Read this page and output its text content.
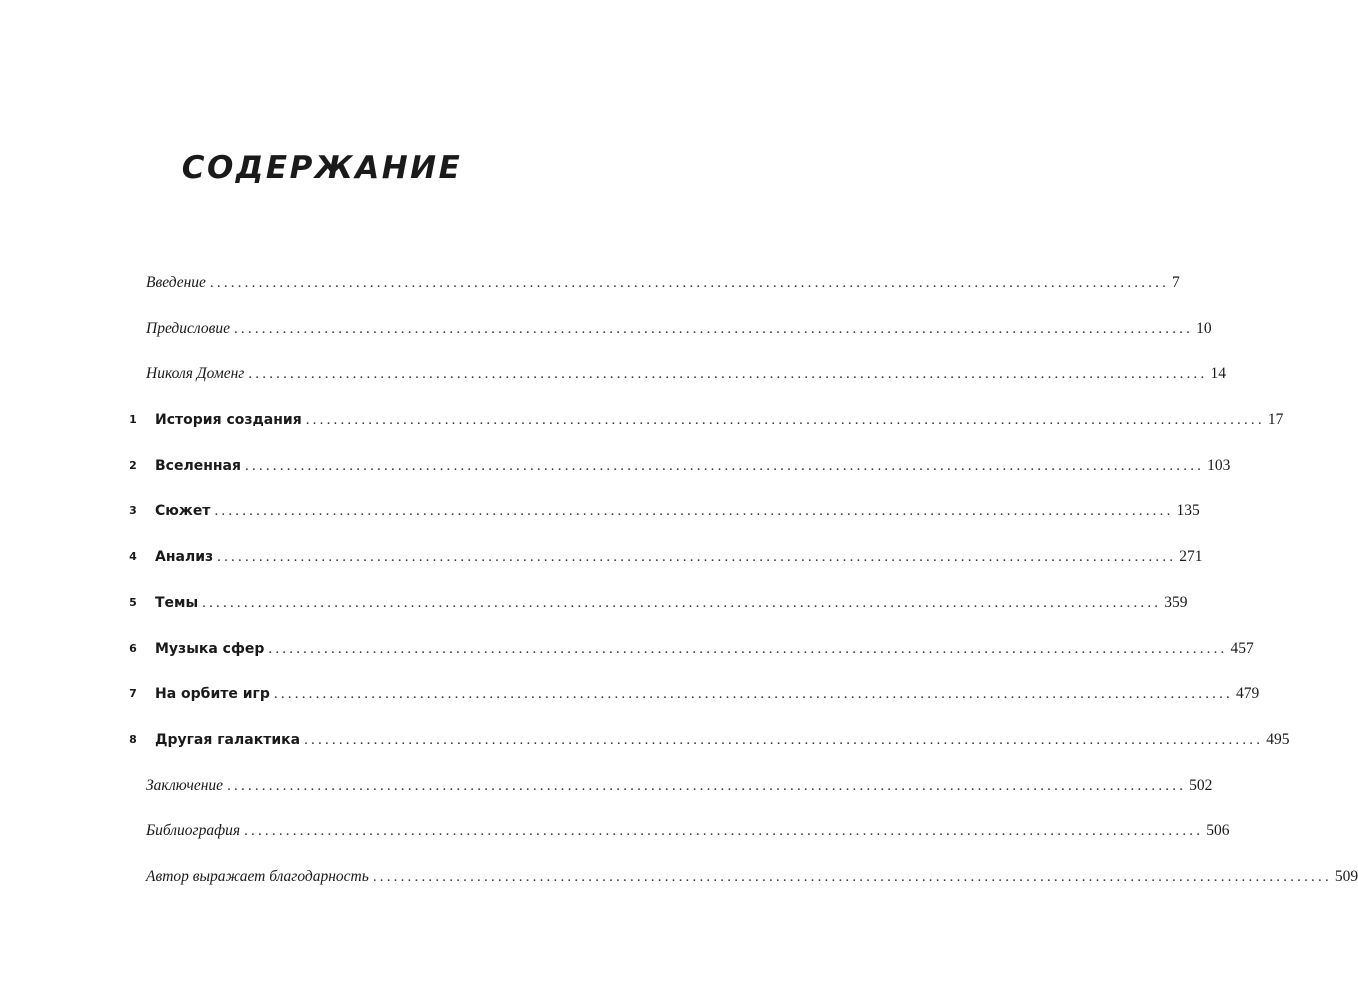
СОДЕРЖАНИЕ
Введение .......................................................................................................................................... 7
Предисловие .......................................................................................................................................... 10
Николя Доменг .......................................................................................................................................... 14
1 История создания .......................................................................................................................................... 17
2 Вселенная .......................................................................................................................................... 103
3 Сюжет .......................................................................................................................................... 135
4 Анализ .......................................................................................................................................... 271
5 Темы .......................................................................................................................................... 359
6 Музыка сфер .......................................................................................................................................... 457
7 На орбите игр .......................................................................................................................................... 479
8 Другая галактика .......................................................................................................................................... 495
Заключение .......................................................................................................................................... 502
Библиография .......................................................................................................................................... 506
Автор выражает благодарность .......................................................................................................................................... 509
